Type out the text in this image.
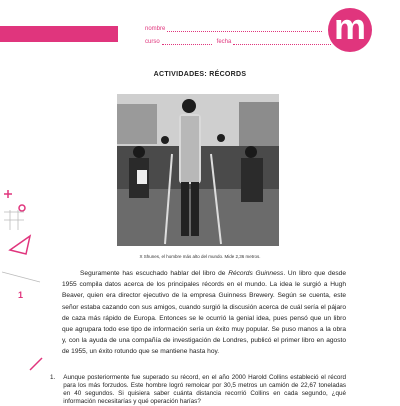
matemática • 8º básico
nombre
curso	fecha	m
1
ACTIVIDADES: RÉCORDS
X Shunes, el hombre más alto del mundo. Mide 2,36 metros.

Seguramente has escuchado hablar del libro de Récords Guinness. Un libro que desde 1955 compila datos acerca de los principales récords en el mundo. La idea le surgió a Hugh Beaver, quien era director ejecutivo de la empresa Guinness Brewery. Según se cuenta, este señor estaba cazando con sus amigos, cuando surgió la discusión acerca de cuál sería el pájaro de caza más rápido de Europa. Entonces se le ocurrió la genial idea, pues pensó que un libro que agrupara todo ese tipo de información sería un éxito muy popular. Se puso manos a la obra y, con la ayuda de una compañía de investigación de Londres, publicó el primer libro en agosto de 1955, un éxito rotundo que se mantiene hasta hoy.

1. Aunque posteriormente fue superado su récord, en el año 2000 Harold Collins estableció el récord para los más forzudos. Este hombre logró remolcar por 30,5 metros un camión de 22,67 toneladas en 40 segundos. Si quisiera saber cuánta distancia recorrió Collins en cada segundo, ¿qué información necesitarías y qué operación harías?
